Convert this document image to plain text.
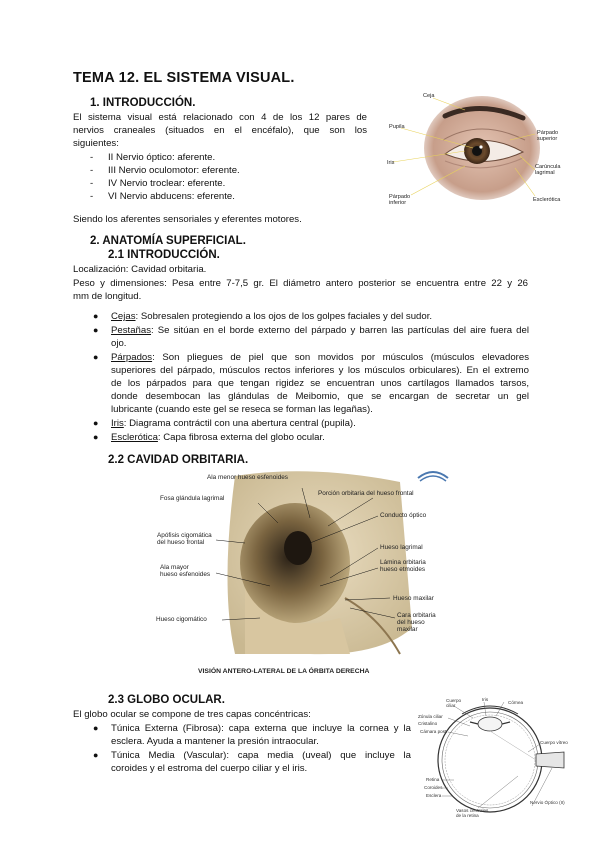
TEMA 12. EL SISTEMA VISUAL.
1. INTRODUCCIÓN.
El sistema visual está relacionado con 4 de los 12 pares de
nervios craneales (situados en el encéfalo), que son los
siguientes:
- II Nervio óptico: aferente.
- III Nervio oculomotor: eferente.
- IV Nervio troclear: eferente.
- VI Nervio abducens: eferente.
Siendo los aferentes sensoriales y eferentes motores.
Ceja
Pupila
Iris
Párpado
inferior
Párpado
superior
Carúncula
lagrimal
Esclerótica
2. ANATOMÍA SUPERFICIAL.
2.1 INTRODUCCIÓN.
Localización: Cavidad orbitaria.
Peso y dimensiones: Pesa entre 7-7,5 gr. El diámetro antero posterior se encuentra entre 22 y 26
mm de longitud.
● Cejas: Sobresalen protegiendo a los ojos de los golpes faciales y del sudor.
● Pestañas: Se sitúan en el borde externo del párpado y barren las partículas del aire fuera del
ojo.
● Párpados: Son pliegues de piel que son movidos por músculos (músculos elevadores
superiores del párpado, músculos rectos inferiores y los músculos orbiculares). En el extremo
de los párpados para que tengan rigidez se encuentran unos cartílagos llamados tarsos,
donde desembocan las glándulas de Meibomio, que se encargan de secretar un gel
lubricante (cuando este gel se reseca se forman las legañas).
● Iris: Diagrama contráctil con una abertura central (pupila).
● Esclerótica: Capa fibrosa externa del globo ocular.
2.2 CAVIDAD ORBITARIA.
Ala menor hueso esfenoides
Fosa glándula lagrimal
Porción orbitaria del hueso frontal
Conducto óptico
Apófisis cigomática
del hueso frontal
Hueso lagrimal
Lámina orbitaria
hueso etmoides
Ala mayor
hueso esfenoides
Hueso maxilar
Hueso cigomático
Cara orbitaria
del hueso
maxilar
VISIÓN ANTERO-LATERAL DE LA ÓRBITA DERECHA
2.3 GLOBO OCULAR.
El globo ocular se compone de tres capas concéntricas:
● Túnica Externa (Fibrosa): capa externa que incluye la cornea y la
esclera. Ayuda a mantener la presión intraocular.
● Túnica Media (Vascular): capa media (uveal) que incluye la
coroides y el estroma del cuerpo ciliar y el iris.
Cuerpo
ciliar
Iris
Córnea
Zónula ciliar
Cristalino
Cámara post.
Cuerpo vítreo
Retina
Coroides
Esclera
Nervio Óptico (II)
Vasos centrales
de la retina
